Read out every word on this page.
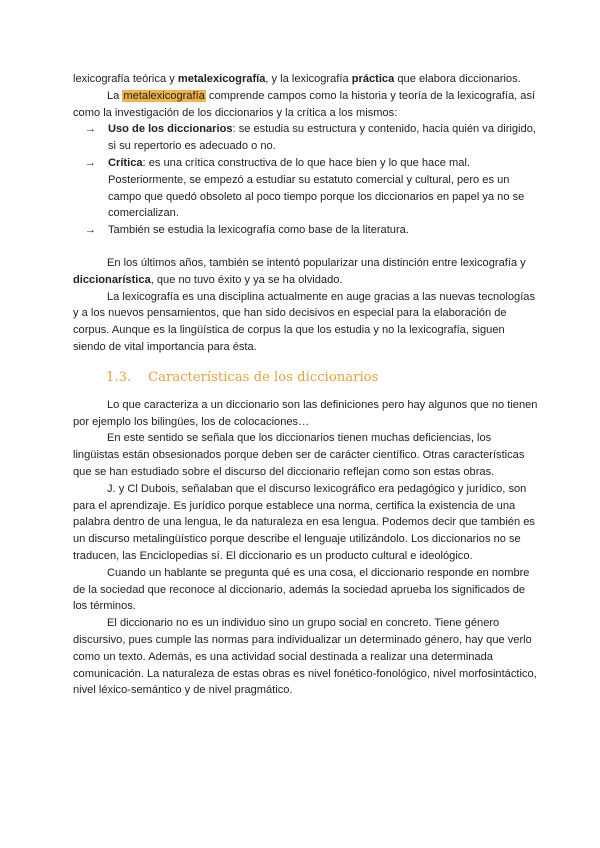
lexicografía teórica y metalexicografía, y la lexicografía práctica que elabora diccionarios.

La metalexicografía comprende campos como la historia y teoría de la lexicografía, así como la investigación de los diccionarios y la crítica a los mismos:

→ Uso de los diccionarios: se estudia su estructura y contenido, hacia quién va dirigido, si su repertorio es adecuado o no.
→ Crítica: es una crítica constructiva de lo que hace bien y lo que hace mal. Posteriormente, se empezó a estudiar su estatuto comercial y cultural, pero es un campo que quedó obsoleto al poco tiempo porque los diccionarios en papel ya no se comercializan.
→ También se estudia la lexicografía como base de la literatura.

En los últimos años, también se intentó popularizar una distinción entre lexicografía y diccionarística, que no tuvo éxito y ya se ha olvidado.

La lexicografía es una disciplina actualmente en auge gracias a las nuevas tecnologías y a los nuevos pensamientos, que han sido decisivos en especial para la elaboración de corpus. Aunque es la lingüística de corpus la que los estudia y no la lexicografía, siguen siendo de vital importancia para ésta.

1.3. Características de los diccionarios

Lo que caracteriza a un diccionario son las definiciones pero hay algunos que no tienen por ejemplo los bilingües, los de colocaciones…

En este sentido se señala que los diccionarios tienen muchas deficiencias, los lingüistas están obsesionados porque deben ser de carácter científico. Otras características que se han estudiado sobre el discurso del diccionario reflejan como son estas obras.

J. y Cl Dubois, señalaban que el discurso lexicográfico era pedagógico y jurídico, son para el aprendizaje. Es jurídico porque establece una norma, certifica la existencia de una palabra dentro de una lengua, le da naturaleza en esa lengua. Podemos decir que también es un discurso metalingüístico porque describe el lenguaje utilizándolo. Los diccionarios no se traducen, las Enciclopedias sí. El diccionario es un producto cultural e ideológico.

Cuando un hablante se pregunta qué es una cosa, el diccionario responde en nombre de la sociedad que reconoce al diccionario, además la sociedad aprueba los significados de los términos.

El diccionario no es un individuo sino un grupo social en concreto. Tiene género discursivo, pues cumple las normas para individualizar un determinado género, hay que verlo como un texto. Además, es una actividad social destinada a realizar una determinada comunicación. La naturaleza de estas obras es nivel fonético-fonológico, nivel morfosintáctico, nivel léxico-semántico y de nivel pragmático.
